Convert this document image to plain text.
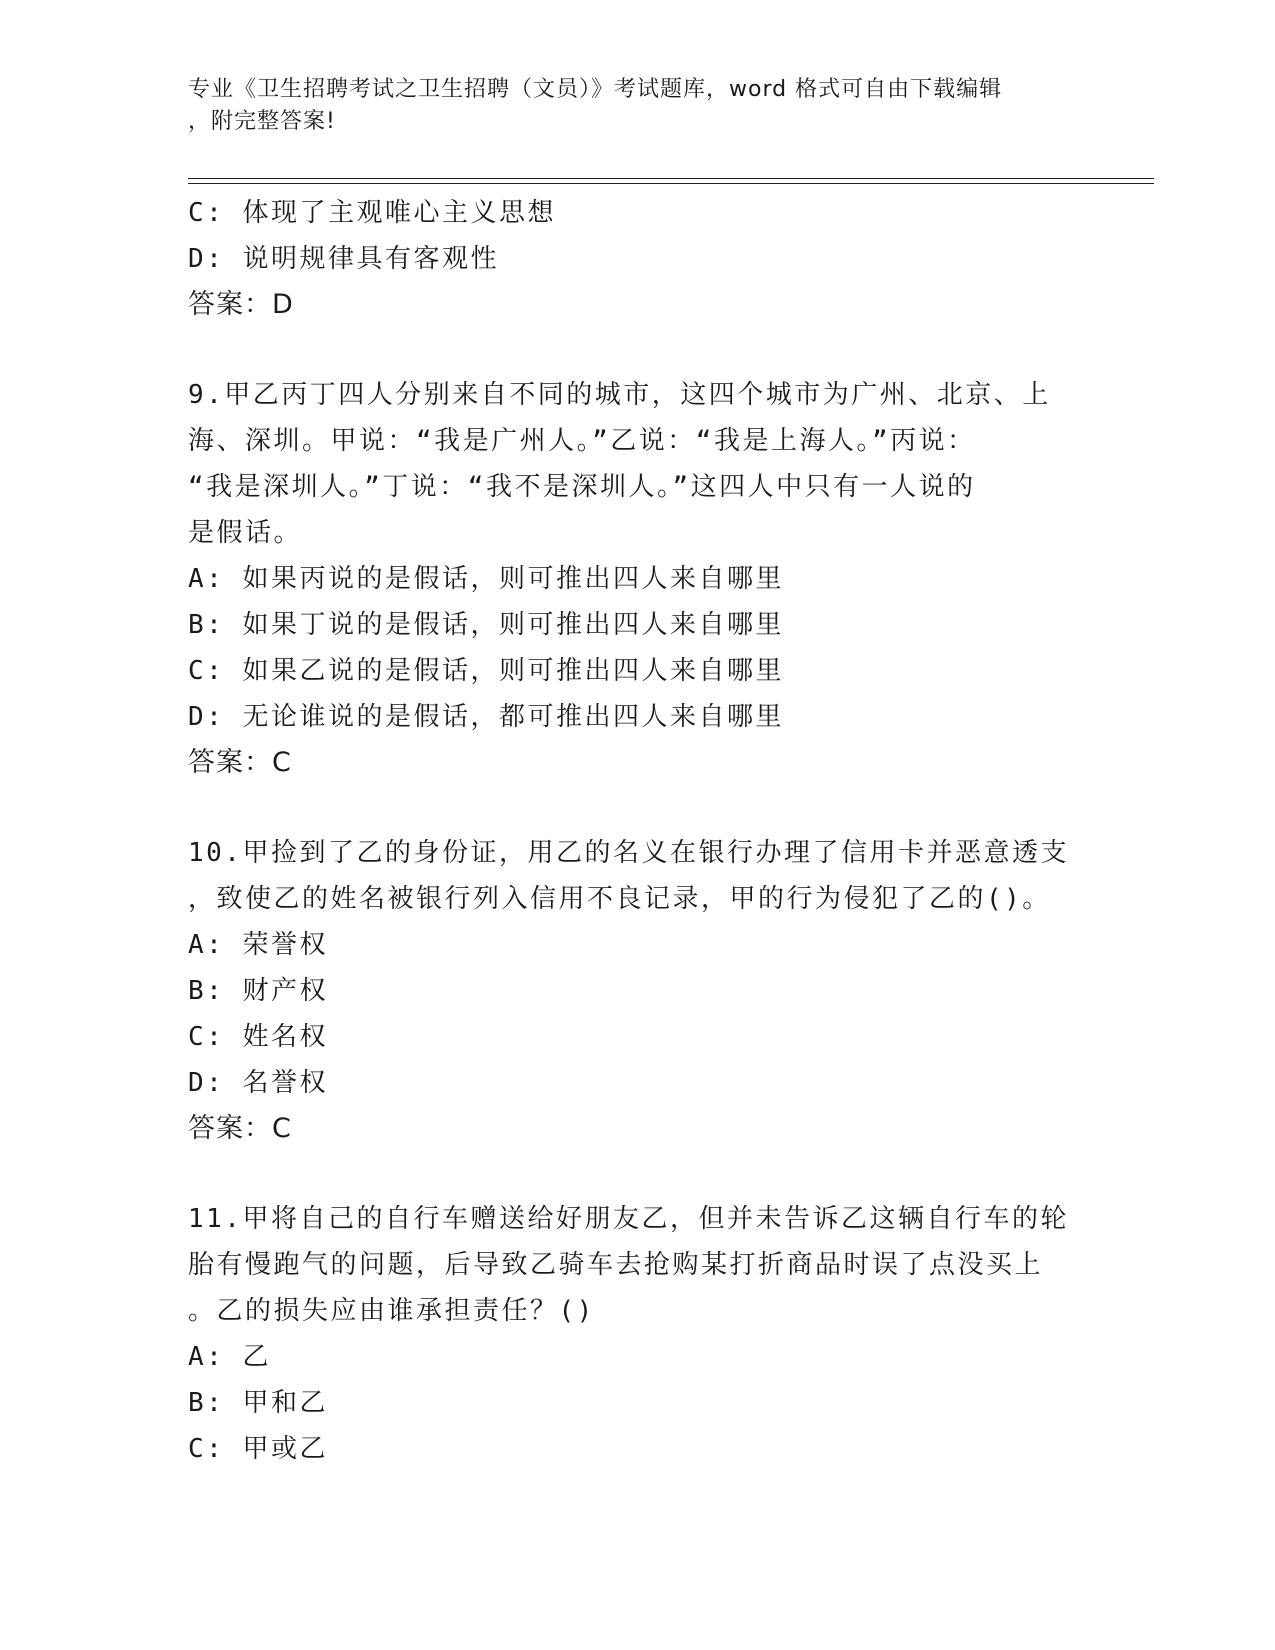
专业《卫生招聘考试之卫生招聘（文员）》考试题库，word 格式可自由下载编辑
，附完整答案!
C: 体现了主观唯心主义思想
D: 说明规律具有客观性
答案：D
9.甲乙丙丁四人分别来自不同的城市，这四个城市为广州、北京、上
海、深圳。甲说：“我是广州人。”乙说：“我是上海人。”丙说：
“我是深圳人。”丁说：“我不是深圳人。”这四人中只有一人说的
是假话。
A: 如果丙说的是假话，则可推出四人来自哪里
B: 如果丁说的是假话，则可推出四人来自哪里
C: 如果乙说的是假话，则可推出四人来自哪里
D: 无论谁说的是假话，都可推出四人来自哪里
答案：C
10.甲捡到了乙的身份证，用乙的名义在银行办理了信用卡并恶意透支
，致使乙的姓名被银行列入信用不良记录，甲的行为侵犯了乙的()。
A: 荣誉权
B: 财产权
C: 姓名权
D: 名誉权
答案：C
11.甲将自己的自行车赠送给好朋友乙，但并未告诉乙这辆自行车的轮
胎有慢跑气的问题，后导致乙骑车去抢购某打折商品时误了点没买上
。乙的损失应由谁承担责任？()
A: 乙
B: 甲和乙
C: 甲或乙
